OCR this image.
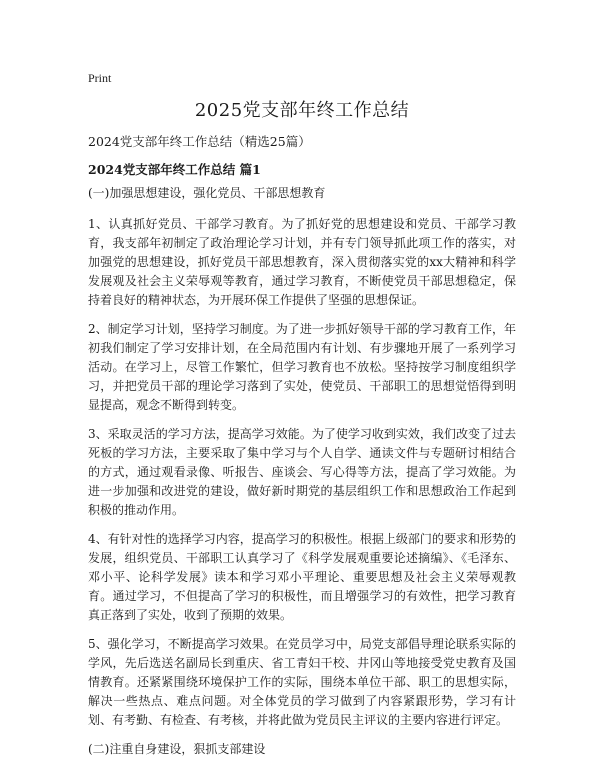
Print
2025党支部年终工作总结

2024党支部年终工作总结（精选25篇）

2024党支部年终工作总结 篇1

(一)加强思想建设，强化党员、干部思想教育

1、认真抓好党员、干部学习教育。为了抓好党的思想建设和党员、干部学习教育，我支部年初制定了政治理论学习计划，并有专门领导抓此项工作的落实，对加强党的思想建设，抓好党员干部思想教育，深入贯彻落实党的xx大精神和科学发展观及社会主义荣辱观等教育，通过学习教育，不断使党员干部思想稳定，保持着良好的精神状态，为开展环保工作提供了坚强的思想保证。

2、制定学习计划，坚持学习制度。为了进一步抓好领导干部的学习教育工作，年初我们制定了学习安排计划，在全局范围内有计划、有步骤地开展了一系列学习活动。在学习上，尽管工作繁忙，但学习教育也不放松。坚持按学习制度组织学习，并把党员干部的理论学习落到了实处，使党员、干部职工的思想觉悟得到明显提高，观念不断得到转变。

3、采取灵活的学习方法，提高学习效能。为了使学习收到实效，我们改变了过去死板的学习方法，主要采取了集中学习与个人自学、通读文件与专题研讨相结合的方式，通过观看录像、听报告、座谈会、写心得等方法，提高了学习效能。为进一步加强和改进党的建设，做好新时期党的基层组织工作和思想政治工作起到积极的推动作用。

4、有针对性的选择学习内容，提高学习的积极性。根据上级部门的要求和形势的发展，组织党员、干部职工认真学习了《科学发展观重要论述摘编》、《毛泽东、邓小平、论科学发展》读本和学习邓小平理论、重要思想及社会主义荣辱观教育。通过学习，不但提高了学习的积极性，而且增强学习的有效性，把学习教育真正落到了实处，收到了预期的效果。

5、强化学习，不断提高学习效果。在党员学习中，局党支部倡导理论联系实际的学风，先后选送名副局长到重庆、省工青妇干校、井冈山等地接受党史教育及国情教育。还紧紧围绕环境保护工作的实际，围绕本单位干部、职工的思想实际，解决一些热点、难点问题。对全体党员的学习做到了内容紧跟形势，学习有计划、有考勤、有检查、有考核，并将此做为党员民主评议的主要内容进行评定。

(二)注重自身建设，狠抓支部建设
